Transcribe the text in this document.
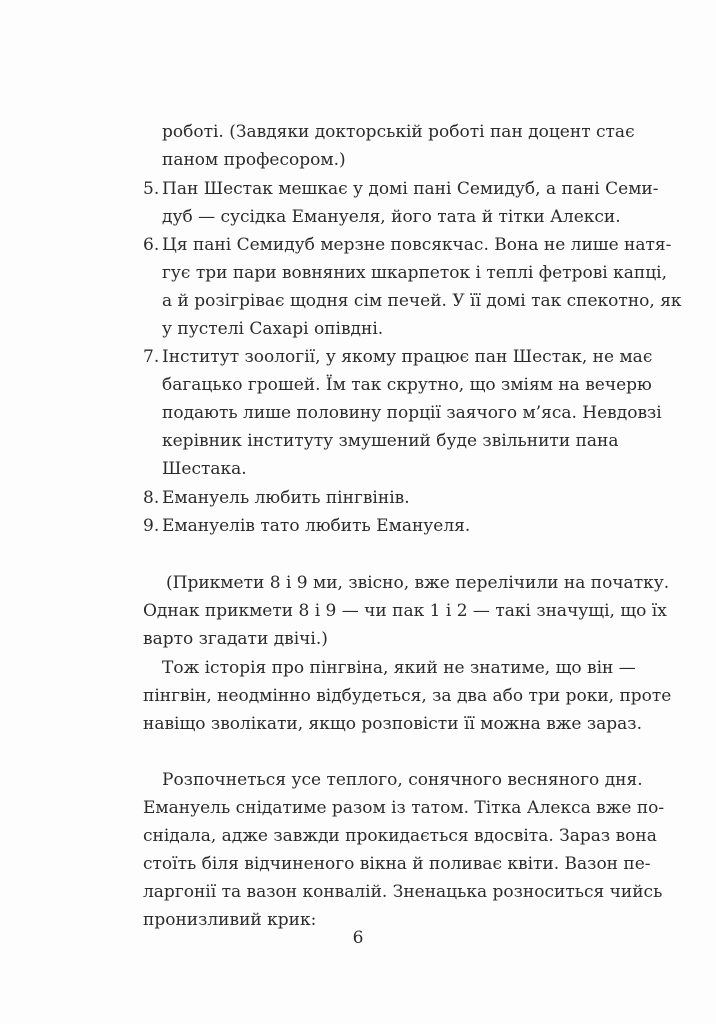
роботі. (Завдяки докторській роботі пан доцент стає
паном професором.)
5. Пан Шестак мешкає у домі пані Семидуб, а пані Семи-
дуб — сусідка Емануеля, його тата й тітки Алекси.
6. Ця пані Семидуб мерзне повсякчас. Вона не лише натя-
гує три пари вовняних шкарпеток і теплі фетрові капці,
а й розігріває щодня сім печей. У її домі так спекотно, як
у пустелі Сахарі опівдні.
7. Інститут зоології, у якому працює пан Шестак, не має
багацько грошей. Їм так скрутно, що зміям на вечерю
подають лише половину порції заячого м’яса. Невдовзі
керівник інституту змушений буде звільнити пана
Шестака.
8. Емануель любить пінгвінів.
9. Емануелів тато любить Емануеля.
(Прикмети 8 і 9 ми, звісно, вже перелічили на початку.
Однак прикмети 8 і 9 — чи пак 1 і 2 — такі значущі, що їх
варто згадати двічі.)
Тож історія про пінгвіна, який не знатиме, що він —
пінгвін, неодмінно відбудеться, за два або три роки, проте
навіщо зволікати, якщо розповісти її можна вже зараз.
Розпочнеться усе теплого, сонячного весняного дня.
Емануель снідатиме разом із татом. Тітка Алекса вже по-
снідала, адже завжди прокидається вдосвіта. Зараз вона
стоїть біля відчиненого вікна й поливає квіти. Вазон пе-
ларгонії та вазон конвалій. Зненацька розноситься чийсь
пронизливий крик:
6
